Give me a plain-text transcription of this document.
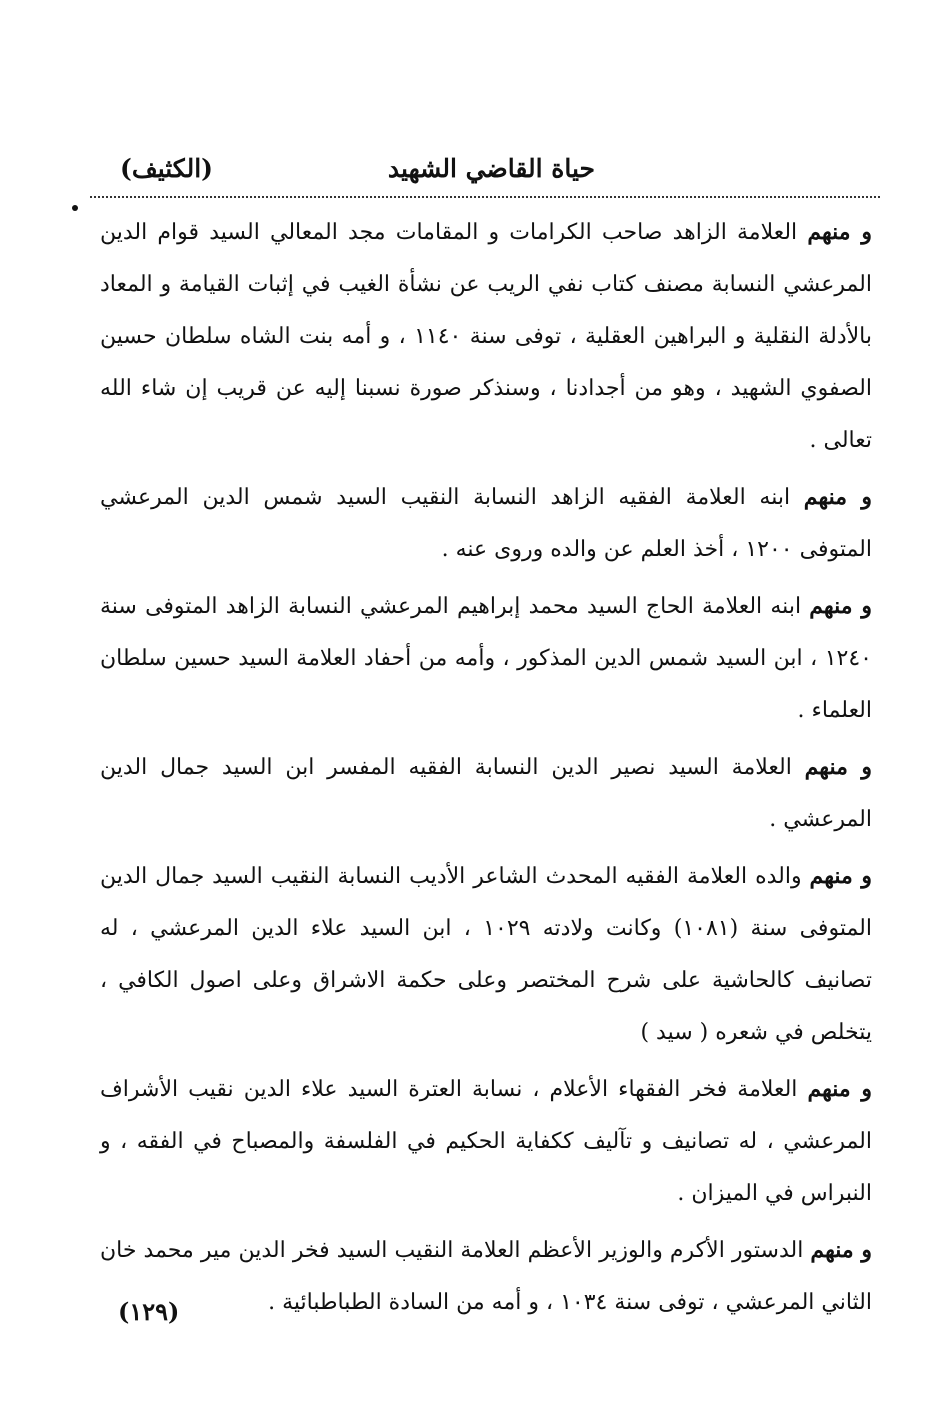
حياة القاضي الشهيد
(الكثيف)

و منهم العلامة الزاهد صاحب الكرامات و المقامات مجد المعالي السيد قوام الدين المرعشي النسابة مصنف كتاب نفي الريب عن نشأة الغيب في إثبات القيامة و المعاد بالأدلة النقلية و البراهين العقلية ، توفى سنة ١١٤٠ ، و أمه بنت الشاه سلطان حسين الصفوي الشهيد ، وهو من أجدادنا ، وسنذكر صورة نسبنا إليه عن قريب إن شاء الله تعالى .

و منهم ابنه العلامة الفقيه الزاهد النسابة النقيب السيد شمس الدين المرعشي المتوفى ١٢٠٠ ، أخذ العلم عن والده وروى عنه .

و منهم ابنه العلامة الحاج السيد محمد إبراهيم المرعشي النسابة الزاهد المتوفى سنة ١٢٤٠ ، ابن السيد شمس الدين المذكور ، وأمه من أحفاد العلامة السيد حسين سلطان العلماء .

و منهم العلامة السيد نصير الدين النسابة الفقيه المفسر ابن السيد جمال الدين المرعشي .

و منهم والده العلامة الفقيه المحدث الشاعر الأديب النسابة النقيب السيد جمال الدين المتوفى سنة (١٠٨١) وكانت ولادته ١٠٢٩ ، ابن السيد علاء الدين المرعشي ، له تصانيف كالحاشية على شرح المختصر وعلى حكمة الاشراق وعلى اصول الكافي ، يتخلص في شعره ( سيد )

و منهم العلامة فخر الفقهاء الأعلام ، نسابة العترة السيد علاء الدين نقيب الأشراف المرعشي ، له تصانيف و تآليف ككفاية الحكيم في الفلسفة والمصباح في الفقه ، و النبراس في الميزان .

و منهم الدستور الأكرم والوزير الأعظم العلامة النقيب السيد فخر الدين مير محمد خان الثاني المرعشي ، توفى سنة ١٠٣٤ ، و أمه من السادة الطباطبائية .

(١٢٩)
